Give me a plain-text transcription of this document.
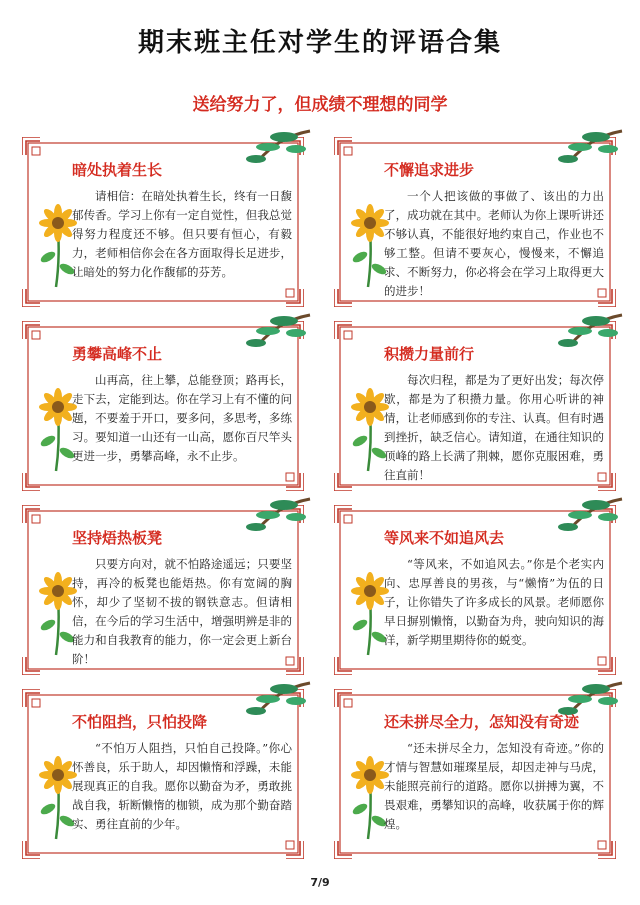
期末班主任对学生的评语合集
送给努力了，但成绩不理想的同学
暗处执着生长
请相信：在暗处执着生长，终有一日馥郁传香。学习上你有一定自觉性，但我总觉得努力程度还不够。但只要有恒心，有毅力，老师相信你会在各方面取得长足进步，让暗处的努力化作馥郁的芬芳。
不懈追求进步
一个人把该做的事做了、该出的力出了，成功就在其中。老师认为你上课听讲还不够认真，不能很好地约束自己，作业也不够工整。但请不要灰心，慢慢来，不懈追求、不断努力，你必将会在学习上取得更大的进步！
勇攀高峰不止
山再高，往上攀，总能登顶；路再长，走下去，定能到达。你在学习上有不懂的问题，不要羞于开口，要多问，多思考，多练习。要知道一山还有一山高，愿你百尺竿头更进一步，勇攀高峰，永不止步。
积攒力量前行
每次归程，都是为了更好出发；每次停歇，都是为了积攒力量。你用心听讲的神情，让老师感到你的专注、认真。但有时遇到挫折，缺乏信心。请知道，在通往知识的顶峰的路上长满了荆棘，愿你克服困难，勇往直前！
坚持焐热板凳
只要方向对，就不怕路途遥远；只要坚持，再冷的板凳也能焐热。你有宽阔的胸怀，却少了坚韧不拔的钢铁意志。但请相信，在今后的学习生活中，增强明辨是非的能力和自我教育的能力，你一定会更上新台阶！
等风来不如追风去
“等风来，不如追风去。”你是个老实内向、忠厚善良的男孩，与“懒惰”为伍的日子，让你错失了许多成长的风景。老师愿你早日摒别懒惰，以勤奋为舟，驶向知识的海洋，新学期里期待你的蜕变。
不怕阻挡，只怕投降
“不怕万人阻挡，只怕自己投降。”你心怀善良，乐于助人，却因懒惰和浮躁，未能展现真正的自我。愿你以勤奋为矛，勇敢挑战自我，斩断懒惰的枷锁，成为那个勤奋踏实、勇往直前的少年。
还未拼尽全力，怎知没有奇迹
“还未拼尽全力，怎知没有奇迹。”你的才情与智慧如璀璨星辰，却因走神与马虎，未能照亮前行的道路。愿你以拼搏为翼，不畏艰难，勇攀知识的高峰，收获属于你的辉煌。
7/9
